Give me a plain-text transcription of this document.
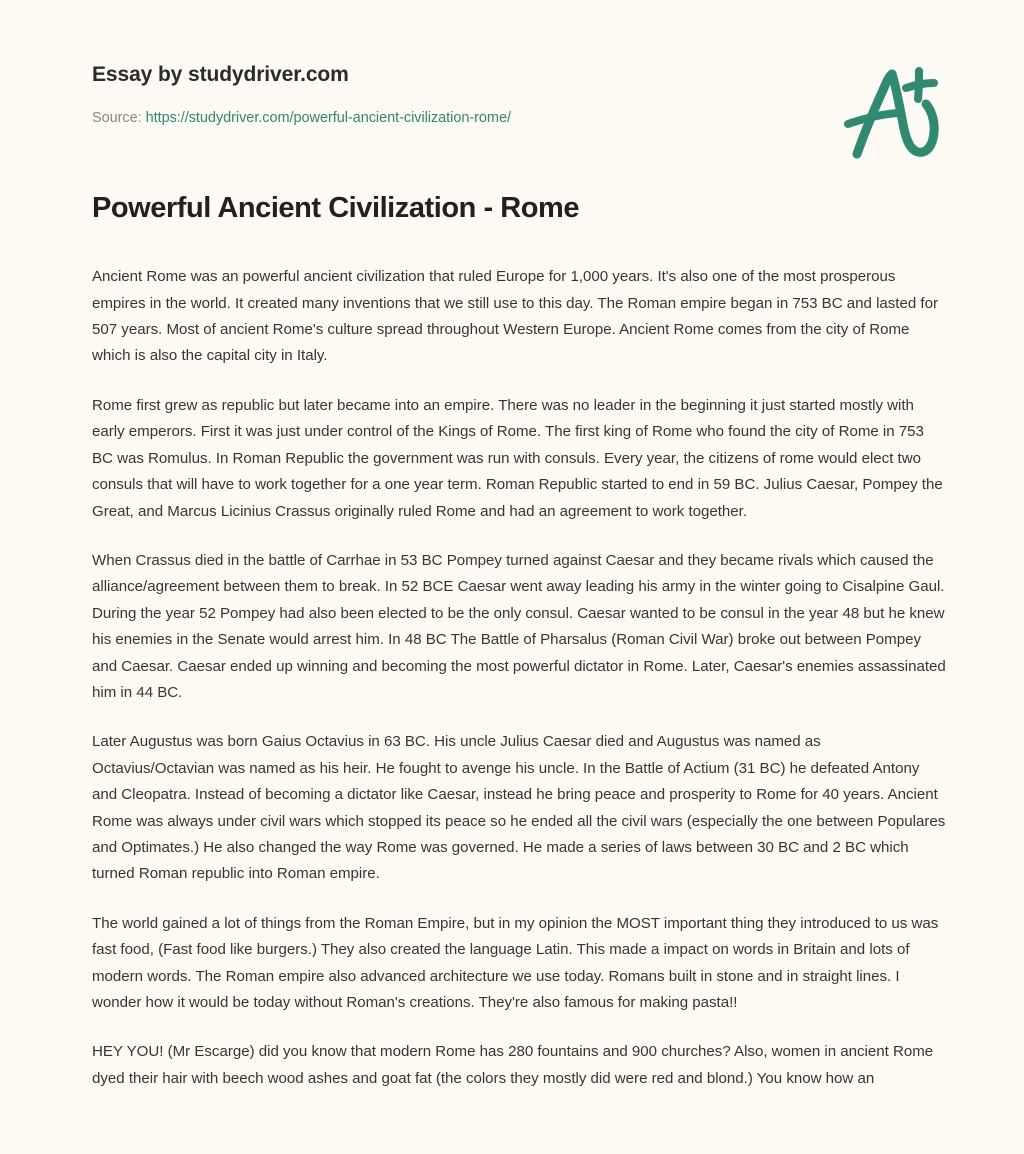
Essay by studydriver.com
Source: https://studydriver.com/powerful-ancient-civilization-rome/
Powerful Ancient Civilization - Rome

Ancient Rome was an powerful ancient civilization that ruled Europe for 1,000 years. It's also one of the most prosperous empires in the world. It created many inventions that we still use to this day. The Roman empire began in 753 BC and lasted for 507 years. Most of ancient Rome's culture spread throughout Western Europe. Ancient Rome comes from the city of Rome which is also the capital city in Italy.

Rome first grew as republic but later became into an empire. There was no leader in the beginning it just started mostly with early emperors. First it was just under control of the Kings of Rome. The first king of Rome who found the city of Rome in 753 BC was Romulus. In Roman Republic the government was run with consuls. Every year, the citizens of rome would elect two consuls that will have to work together for a one year term. Roman Republic started to end in 59 BC. Julius Caesar, Pompey the Great, and Marcus Licinius Crassus originally ruled Rome and had an agreement to work together.

When Crassus died in the battle of Carrhae in 53 BC Pompey turned against Caesar and they became rivals which caused the alliance/agreement between them to break. In 52 BCE Caesar went away leading his army in the winter going to Cisalpine Gaul. During the year 52 Pompey had also been elected to be the only consul. Caesar wanted to be consul in the year 48 but he knew his enemies in the Senate would arrest him. In 48 BC The Battle of Pharsalus (Roman Civil War) broke out between Pompey and Caesar. Caesar ended up winning and becoming the most powerful dictator in Rome. Later, Caesar's enemies assassinated him in 44 BC.

Later Augustus was born Gaius Octavius in 63 BC. His uncle Julius Caesar died and Augustus was named as Octavius/Octavian was named as his heir. He fought to avenge his uncle. In the Battle of Actium (31 BC) he defeated Antony and Cleopatra. Instead of becoming a dictator like Caesar, instead he bring peace and prosperity to Rome for 40 years. Ancient Rome was always under civil wars which stopped its peace so he ended all the civil wars (especially the one between Populares and Optimates.) He also changed the way Rome was governed. He made a series of laws between 30 BC and 2 BC which turned Roman republic into Roman empire.

The world gained a lot of things from the Roman Empire, but in my opinion the MOST important thing they introduced to us was fast food, (Fast food like burgers.) They also created the language Latin. This made a impact on words in Britain and lots of modern words. The Roman empire also advanced architecture we use today. Romans built in stone and in straight lines. I wonder how it would be today without Roman's creations. They're also famous for making pasta!!

HEY YOU! (Mr Escarge) did you know that modern Rome has 280 fountains and 900 churches? Also, women in ancient Rome dyed their hair with beech wood ashes and goat fat (the colors they mostly did were red and blond.) You know how an
